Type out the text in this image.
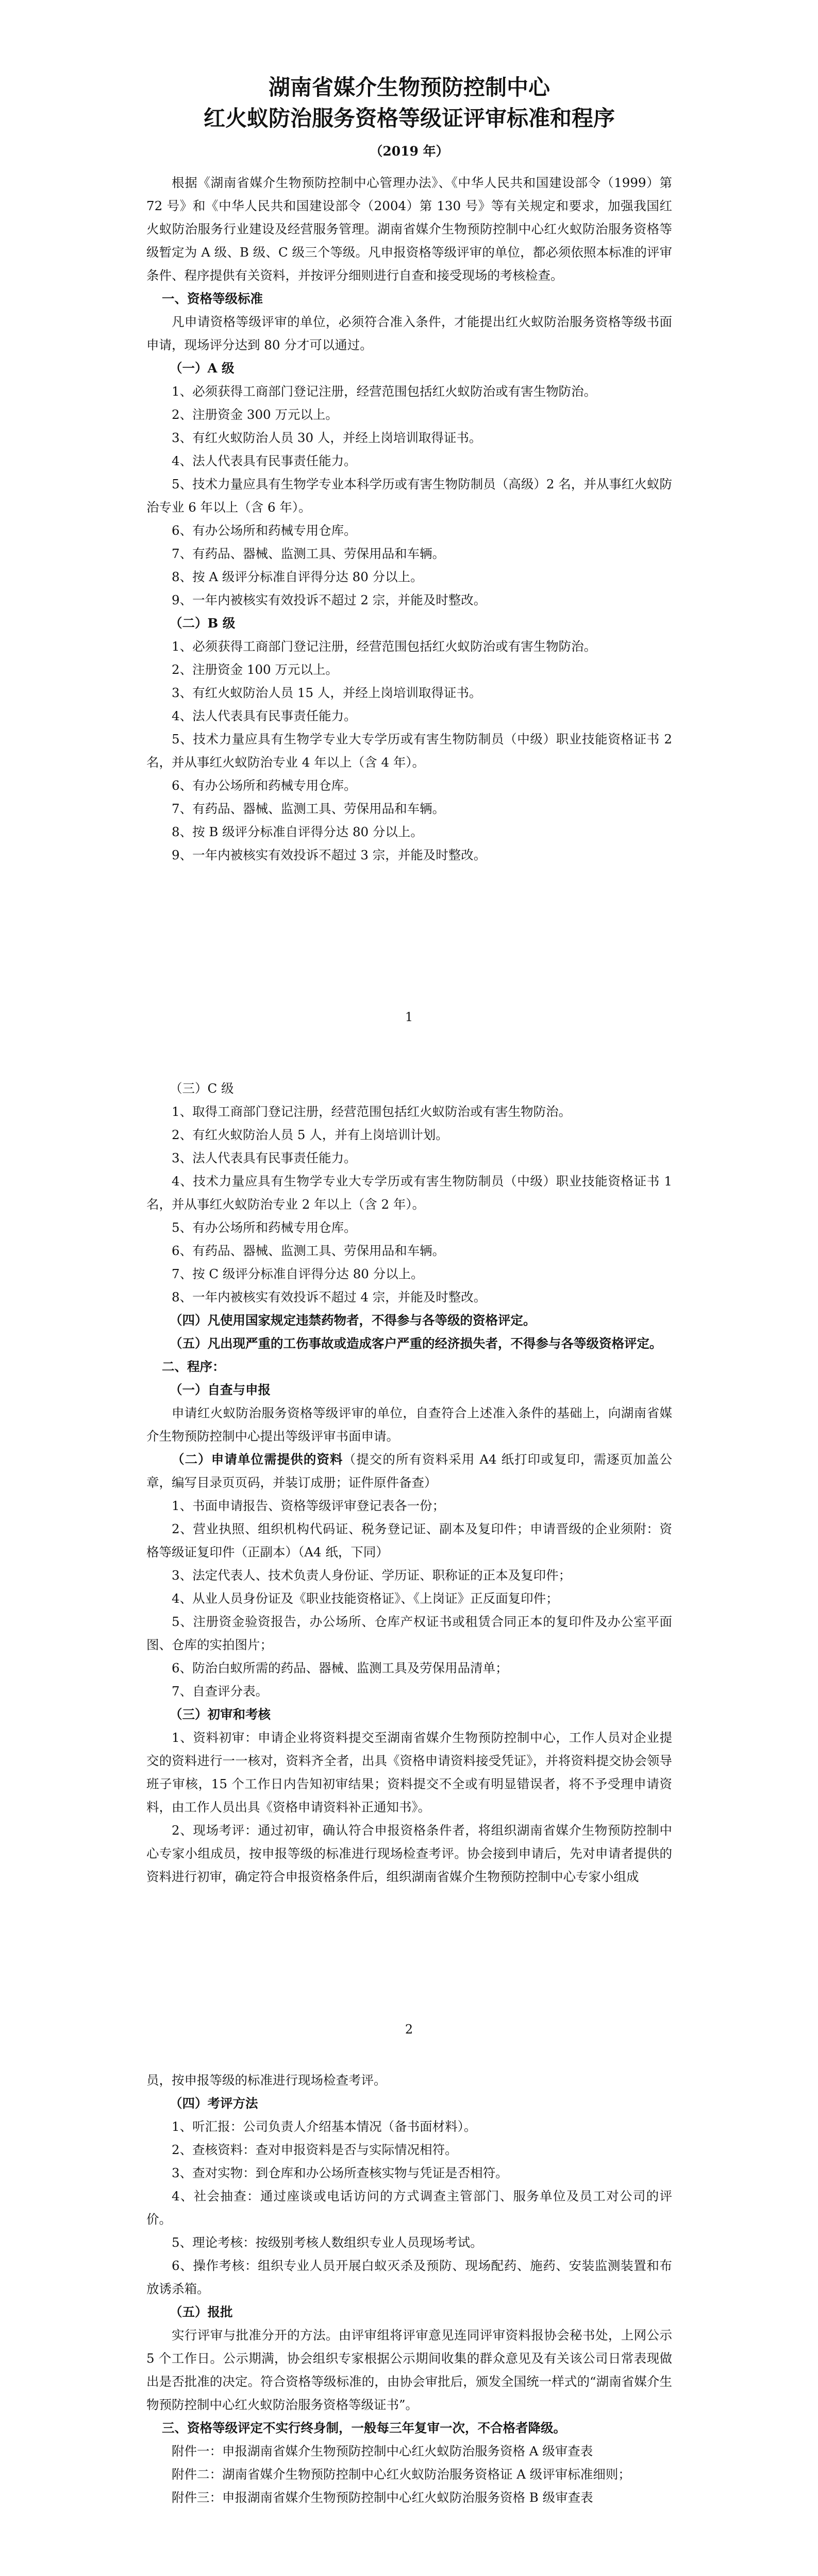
湖南省媒介生物预防控制中心
红火蚁防治服务资格等级证评审标准和程序
（2019 年）

根据《湖南省媒介生物预防控制中心管理办法》、《中华人民共和国建设部令（1999）第 72 号》和《中华人民共和国建设部令（2004）第 130 号》等有关规定和要求，加强我国红火蚁防治服务行业建设及经营服务管理。湖南省媒介生物预防控制中心红火蚁防治服务资格等级暂定为 A 级、B 级、C 级三个等级。凡申报资格等级评审的单位，都必须依照本标准的评审条件、程序提供有关资料，并按评分细则进行自查和接受现场的考核检查。

一、资格等级标准

凡申请资格等级评审的单位，必须符合准入条件，才能提出红火蚁防治服务资格等级书面申请，现场评分达到 80 分才可以通过。

（一）A 级

1、必须获得工商部门登记注册，经营范围包括红火蚁防治或有害生物防治。

2、注册资金 300 万元以上。

3、有红火蚁防治人员 30 人，并经上岗培训取得证书。

4、法人代表具有民事责任能力。

5、技术力量应具有生物学专业本科学历或有害生物防制员（高级）2 名，并从事红火蚁防治专业 6 年以上（含 6 年）。

6、有办公场所和药械专用仓库。

7、有药品、器械、监测工具、劳保用品和车辆。

8、按 A 级评分标准自评得分达 80 分以上。

9、一年内被核实有效投诉不超过 2 宗，并能及时整改。

（二）B 级

1、必须获得工商部门登记注册，经营范围包括红火蚁防治或有害生物防治。

2、注册资金 100 万元以上。

3、有红火蚁防治人员 15 人，并经上岗培训取得证书。

4、法人代表具有民事责任能力。

5、技术力量应具有生物学专业大专学历或有害生物防制员（中级）职业技能资格证书 2 名，并从事红火蚁防治专业 4 年以上（含 4 年）。

6、有办公场所和药械专用仓库。

7、有药品、器械、监测工具、劳保用品和车辆。

8、按 B 级评分标准自评得分达 80 分以上。

9、一年内被核实有效投诉不超过 3 宗，并能及时整改。

1

（三）C 级

1、取得工商部门登记注册，经营范围包括红火蚁防治或有害生物防治。

2、有红火蚁防治人员 5 人，并有上岗培训计划。

3、法人代表具有民事责任能力。

4、技术力量应具有生物学专业大专学历或有害生物防制员（中级）职业技能资格证书 1 名，并从事红火蚁防治专业 2 年以上（含 2 年）。

5、有办公场所和药械专用仓库。

6、有药品、器械、监测工具、劳保用品和车辆。

7、按 C 级评分标准自评得分达 80 分以上。

8、一年内被核实有效投诉不超过 4 宗，并能及时整改。

（四）凡使用国家规定违禁药物者，不得参与各等级的资格评定。

（五）凡出现严重的工伤事故或造成客户严重的经济损失者，不得参与各等级资格评定。

二、程序：

（一）自查与申报

申请红火蚁防治服务资格等级评审的单位，自查符合上述准入条件的基础上，向湖南省媒介生物预防控制中心提出等级评审书面申请。

（二）申请单位需提供的资料（提交的所有资料采用 A4 纸打印或复印，需逐页加盖公章，编写目录页页码，并装订成册；证件原件备查）

1、书面申请报告、资格等级评审登记表各一份；

2、营业执照、组织机构代码证、税务登记证、副本及复印件；申请晋级的企业须附：资格等级证复印件（正副本）（A4 纸，下同）

3、法定代表人、技术负责人身份证、学历证、职称证的正本及复印件；

4、从业人员身份证及《职业技能资格证》、《上岗证》正反面复印件；

5、注册资金验资报告，办公场所、仓库产权证书或租赁合同正本的复印件及办公室平面图、仓库的实拍图片；

6、防治白蚁所需的药品、器械、监测工具及劳保用品清单；

7、自查评分表。

（三）初审和考核

1、资料初审：申请企业将资料提交至湖南省媒介生物预防控制中心，工作人员对企业提交的资料进行一一核对，资料齐全者，出具《资格申请资料接受凭证》，并将资料提交协会领导班子审核，15 个工作日内告知初审结果；资料提交不全或有明显错误者，将不予受理申请资料，由工作人员出具《资格申请资料补正通知书》。

2、现场考评：通过初审，确认符合申报资格条件者，将组织湖南省媒介生物预防控制中心专家小组成员，按申报等级的标准进行现场检查考评。协会接到申请后，先对申请者提供的资料进行初审，确定符合申报资格条件后，组织湖南省媒介生物预防控制中心专家小组成

2

员，按申报等级的标准进行现场检查考评。

（四）考评方法

1、听汇报：公司负责人介绍基本情况（备书面材料）。

2、查核资料：查对申报资料是否与实际情况相符。

3、查对实物：到仓库和办公场所查核实物与凭证是否相符。

4、社会抽查：通过座谈或电话访问的方式调查主管部门、服务单位及员工对公司的评价。

5、理论考核：按级别考核人数组织专业人员现场考试。

6、操作考核：组织专业人员开展白蚁灭杀及预防、现场配药、施药、安装监测装置和布放诱杀箱。

（五）报批

实行评审与批准分开的方法。由评审组将评审意见连同评审资料报协会秘书处，上网公示 5 个工作日。公示期满，协会组织专家根据公示期间收集的群众意见及有关该公司日常表现做出是否批准的决定。符合资格等级标准的，由协会审批后，颁发全国统一样式的“湖南省媒介生物预防控制中心红火蚁防治服务资格等级证书”。

三、资格等级评定不实行终身制，一般每三年复审一次，不合格者降级。

附件一：申报湖南省媒介生物预防控制中心红火蚁防治服务资格 A 级审查表

附件二：湖南省媒介生物预防控制中心红火蚁防治服务资格证 A 级评审标准细则；

附件三：申报湖南省媒介生物预防控制中心红火蚁防治服务资格 B 级审查表
